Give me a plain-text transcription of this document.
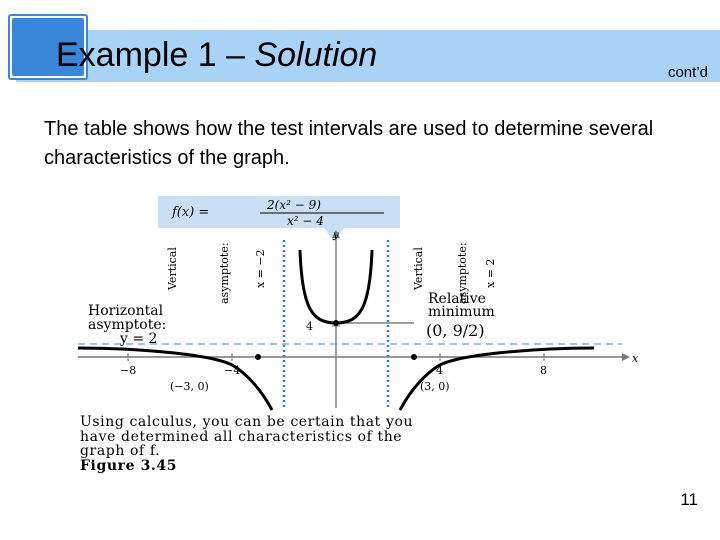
Example 1 – Solution	cont’d
The table shows how the test intervals are used to determine several characteristics of the graph.
f(x) =	2(x² − 9)
x² − 4
x
y
−8	−4	4	8
4
Vertical	asymptote: x = −2	Vertical	asymptote: x = 2
Horizontal
asymptote:
y = 2
Relative
minimum
(0, 9/2)
(−3, 0)	(3, 0)
Using calculus, you can be certain that you
have determined all characteristics of the
graph of f.
Figure 3.45
11
